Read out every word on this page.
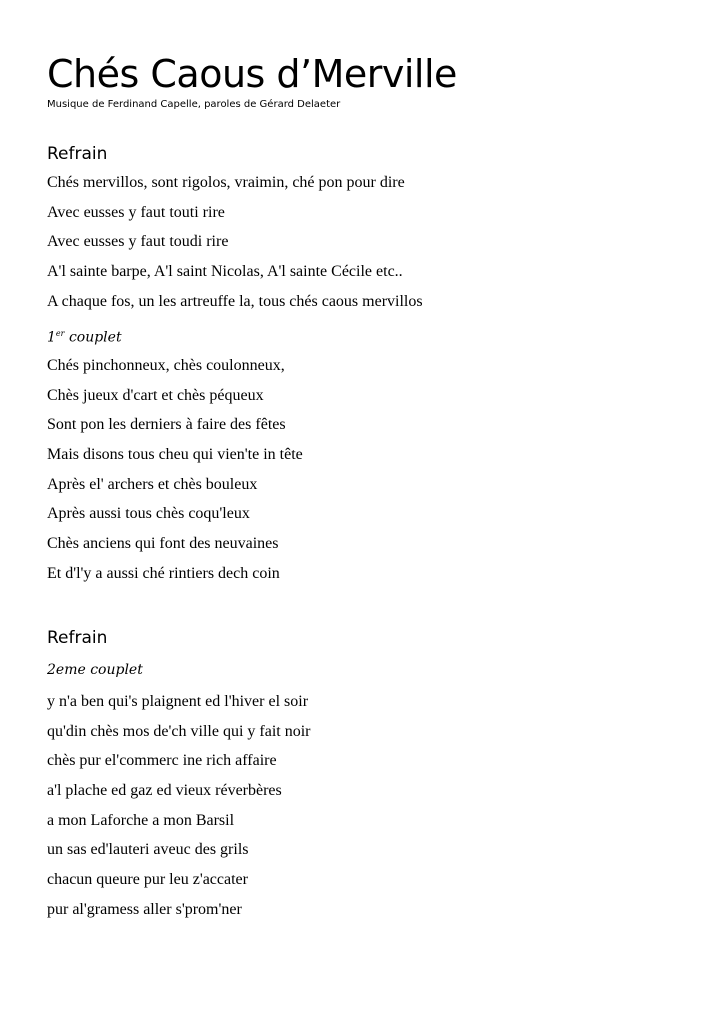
Chés Caous d’Merville

Musique de Ferdinand Capelle, paroles de Gérard Delaeter

Refrain
Chés mervillos, sont rigolos, vraimin, ché pon pour dire
Avec eusses y faut touti rire
Avec eusses y faut toudi rire
A'l sainte barpe, A'l saint Nicolas, A'l sainte Cécile etc..
A chaque fos, un les artreuffe la, tous chés caous mervillos

1er couplet

Chés pinchonneux, chès coulonneux,
Chès jueux d'cart et chès péqueux
Sont pon les derniers à faire des fêtes
Mais disons tous cheu qui vien'te in tête
Après el' archers et chès bouleux
Après aussi tous chès coqu'leux
Chès anciens qui font des neuvaines
Et d'l'y a aussi ché rintiers dech coin
Refrain

2eme couplet

y n'a ben qui's plaignent ed l'hiver el soir
qu'din chès mos de'ch ville qui y fait noir
chès pur el'commerc ine rich affaire
a'l plache ed gaz ed vieux réverbères
a mon Laforche a mon Barsil
un sas ed'lauteri aveuc des grils
chacun queure pur leu z'accater
pur al'gramess aller s'prom'ner
